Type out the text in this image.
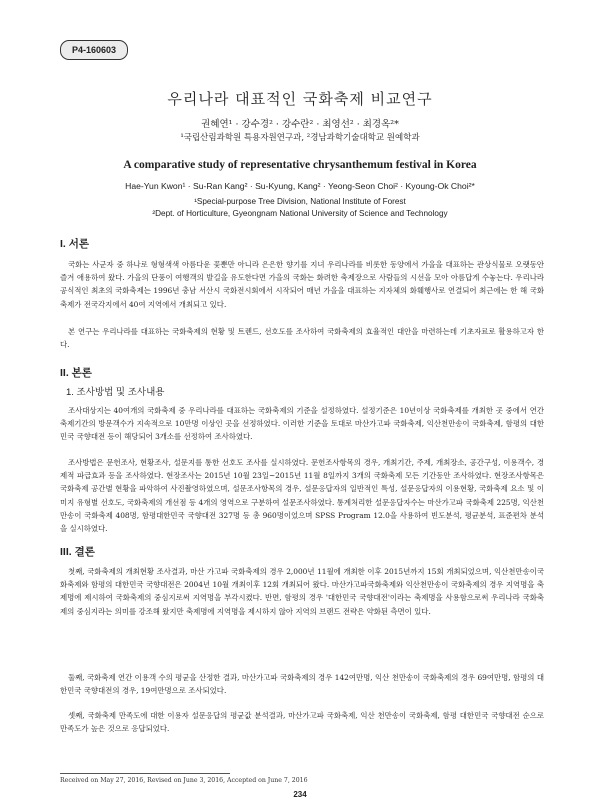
P4-160603
우리나라 대표적인 국화축제 비교연구
권혜연¹ · 강수경² · 강수란² · 최영선² · 최경옥²*
¹국립산림과학원 특용자원연구과, ²경남과학기술대학교 원예학과
A comparative study of representative chrysanthemum festival in Korea
Hae-Yun Kwon¹ · Su-Ran Kang² · Su-Kyung, Kang² · Yeong-Seon Choi² · Kyoung-Ok Choi²*
¹Special-purpose Tree Division, National Institute of Forest
²Dept. of Horticulture, Gyeongnam National University of Science and Technology
I. 서론

국화는 사군자 중 하나로 형형색색 아름다운 꽃뿐만 아니라 은은한 향기를 지녀 우리나라를 비롯한 동양에서 가을을 대표하는 관상식물로 오랫동안 즐겨 애용하여 왔다. 가을의 단풍이 여행객의 발길을 유도한다면 가을의 국화는 화려한 축제장으로 사람들의 시선을 모아 아름답게 수놓는다. 우리나라 공식적인 최초의 국화축제는 1996년 충남 서산시 국화전시회에서 시작되어 매년 가을을 대표하는 지자체의 화훼행사로 연결되어 최근에는 한 해 국화축제가 전국각지에서 40여 지역에서 개최되고 있다.

본 연구는 우리나라를 대표하는 국화축제의 현황 및 트렌드, 선호도를 조사하여 국화축제의 효율적인 대안을 마련하는데 기초자료로 활용하고자 한다.

II. 본론
1. 조사방법 및 조사내용

조사대상지는 40여개의 국화축제 중 우리나라를 대표하는 국화축제의 기준을 설정하였다. 설정기준은 10년이상 국화축제를 개최한 곳 중에서 연간 축제기간의 방문객수가 지속적으로 10만명 이상인 곳을 선정하였다. 이러한 기준을 토대로 마산가고파 국화축제, 익산천만송이 국화축제, 함평의 대한민국 국향대전 등이 해당되어 3개소를 선정하여 조사하였다.

조사방법은 문헌조사, 현황조사, 설문지를 통한 선호도 조사를 실시하였다. 문헌조사항목의 경우, 개최기간, 주제, 개최장소, 공간구성, 이용객수, 경제적 파급효과 등을 조사하였다. 현장조사는 2015년 10월 23일~2015년 11월 8일까지 3개의 국화축제 모든 기간동안 조사하였다. 현장조사항목은 국화축제 공간별 현황을 파악하여 사진촬영하였으며, 설문조사항목의 경우, 설문응답자의 일반적인 특성, 설문응답자의 이용현황, 국화축제 요소 및 이미지 유형별 선호도, 국화축제의 개선점 등 4개의 영역으로 구분하여 설문조사하였다. 통계처리한 설문응답자수는 마산가고파 국화축제 225명, 익산천만송이 국화축제 408명, 함평대한민국 국향대전 327명 등 총 960명이었으며 SPSS Program 12.0을 사용하여 빈도분석, 평균분석, 표준편차 분석을 실시하였다.

III. 결론

첫째, 국화축제의 개최현황 조사결과, 마산 가고파 국화축제의 경우 2,000년 11월에 개최한 이후 2015년까지 15회 개최되었으며, 익산천만송이국화축제와 함평의 대한민국 국향대전은 2004년 10월 개최이후 12회 개최되어 왔다. 마산가고파국화축제와 익산천만송이 국화축제의 경우 지역명을 축제명에 제시하여 국화축제의 중심지로써 지역명을 부각시켰다. 반면, 함평의 경우 '대한민국 국향대전'이라는 축제명을 사용함으로써 우리나라 국화축제의 중심지라는 의미를 강조해 왔지만 축제명에 지역명을 제시하지 않아 지역의 브랜드 전략은 약화된 측면이 있다.

둘째, 국화축제 연간 이용객 수의 평균을 산정한 결과, 마산가고파 국화축제의 경우 142여만명, 익산 천만송이 국화축제의 경우 69여만명, 함평의 대한민국 국향대전의 경우, 19여만명으로 조사되었다.

셋째, 국화축제 만족도에 대한 이용자 설문응답의 평균값 분석결과, 마산가고파 국화축제, 익산 천만송이 국화축제, 함평 대한민국 국향대전 순으로 만족도가 높은 것으로 응답되었다.

Received on May 27, 2016, Revised on June 3, 2016, Accepted on June 7, 2016
234
